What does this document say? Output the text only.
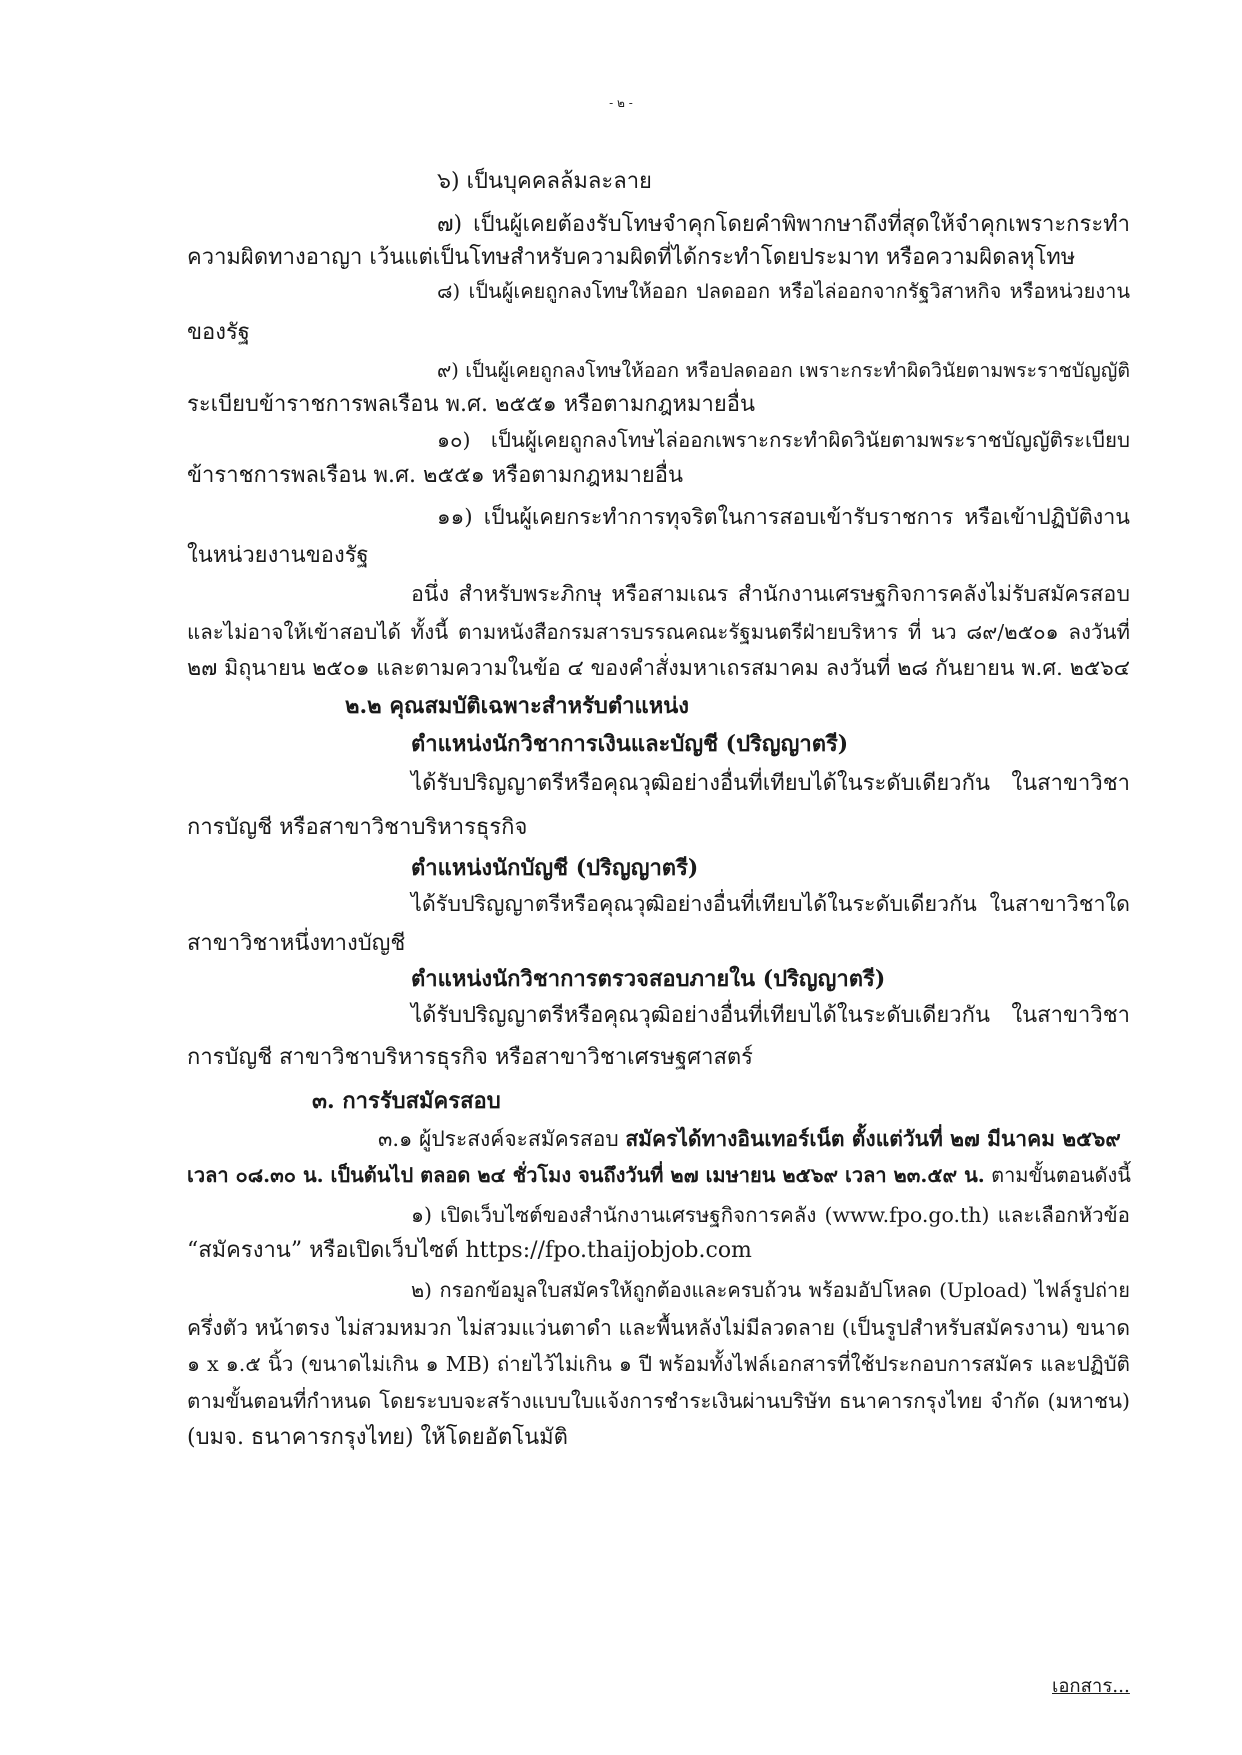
- ๒ -
๖) เป็นบุคคลล้มละลาย
๗) เป็นผู้เคยต้องรับโทษจำคุกโดยคำพิพากษาถึงที่สุดให้จำคุกเพราะกระทำ
ความผิดทางอาญา เว้นแต่เป็นโทษสำหรับความผิดที่ได้กระทำโดยประมาท หรือความผิดลหุโทษ
๘) เป็นผู้เคยถูกลงโทษให้ออก ปลดออก หรือไล่ออกจากรัฐวิสาหกิจ หรือหน่วยงาน
ของรัฐ
๙) เป็นผู้เคยถูกลงโทษให้ออก หรือปลดออก เพราะกระทำผิดวินัยตามพระราชบัญญัติ
ระเบียบข้าราชการพลเรือน พ.ศ. ๒๕๕๑ หรือตามกฎหมายอื่น
๑๐) เป็นผู้เคยถูกลงโทษไล่ออกเพราะกระทำผิดวินัยตามพระราชบัญญัติระเบียบ
ข้าราชการพลเรือน พ.ศ. ๒๕๕๑ หรือตามกฎหมายอื่น
๑๑) เป็นผู้เคยกระทำการทุจริตในการสอบเข้ารับราชการ หรือเข้าปฏิบัติงาน
ในหน่วยงานของรัฐ
อนึ่ง สำหรับพระภิกษุ หรือสามเณร สำนักงานเศรษฐกิจการคลังไม่รับสมัครสอบ
และไม่อาจให้เข้าสอบได้ ทั้งนี้ ตามหนังสือกรมสารบรรณคณะรัฐมนตรีฝ่ายบริหาร ที่ นว ๘๙/๒๕๐๑ ลงวันที่
๒๗ มิถุนายน ๒๕๐๑ และตามความในข้อ ๔ ของคำสั่งมหาเถรสมาคม ลงวันที่ ๒๘ กันยายน พ.ศ. ๒๕๖๔
๒.๒ คุณสมบัติเฉพาะสำหรับตำแหน่ง
ตำแหน่งนักวิชาการเงินและบัญชี (ปริญญาตรี)
ได้รับปริญญาตรีหรือคุณวุฒิอย่างอื่นที่เทียบได้ในระดับเดียวกัน ในสาขาวิชา
การบัญชี หรือสาขาวิชาบริหารธุรกิจ
ตำแหน่งนักบัญชี (ปริญญาตรี)
ได้รับปริญญาตรีหรือคุณวุฒิอย่างอื่นที่เทียบได้ในระดับเดียวกัน ในสาขาวิชาใด
สาขาวิชาหนึ่งทางบัญชี
ตำแหน่งนักวิชาการตรวจสอบภายใน (ปริญญาตรี)
ได้รับปริญญาตรีหรือคุณวุฒิอย่างอื่นที่เทียบได้ในระดับเดียวกัน ในสาขาวิชา
การบัญชี สาขาวิชาบริหารธุรกิจ หรือสาขาวิชาเศรษฐศาสตร์
๓. การรับสมัครสอบ
๓.๑ ผู้ประสงค์จะสมัครสอบ สมัครได้ทางอินเทอร์เน็ต ตั้งแต่วันที่ ๒๗ มีนาคม ๒๕๖๙
เวลา ๐๘.๓๐ น. เป็นต้นไป ตลอด ๒๔ ชั่วโมง จนถึงวันที่ ๒๗ เมษายน ๒๕๖๙ เวลา ๒๓.๕๙ น. ตามขั้นตอนดังนี้
๑) เปิดเว็บไซต์ของสำนักงานเศรษฐกิจการคลัง (www.fpo.go.th) และเลือกหัวข้อ
“สมัครงาน” หรือเปิดเว็บไซต์ https://fpo.thaijobjob.com
๒) กรอกข้อมูลใบสมัครให้ถูกต้องและครบถ้วน พร้อมอัปโหลด (Upload) ไฟล์รูปถ่าย
ครึ่งตัว หน้าตรง ไม่สวมหมวก ไม่สวมแว่นตาดำ และพื้นหลังไม่มีลวดลาย (เป็นรูปสำหรับสมัครงาน) ขนาด
๑ x ๑.๕ นิ้ว (ขนาดไม่เกิน ๑ MB) ถ่ายไว้ไม่เกิน ๑ ปี พร้อมทั้งไฟล์เอกสารที่ใช้ประกอบการสมัคร และปฏิบัติ
ตามขั้นตอนที่กำหนด โดยระบบจะสร้างแบบใบแจ้งการชำระเงินผ่านบริษัท ธนาคารกรุงไทย จำกัด (มหาชน)
(บมจ. ธนาคารกรุงไทย) ให้โดยอัตโนมัติ
เอกสาร...
